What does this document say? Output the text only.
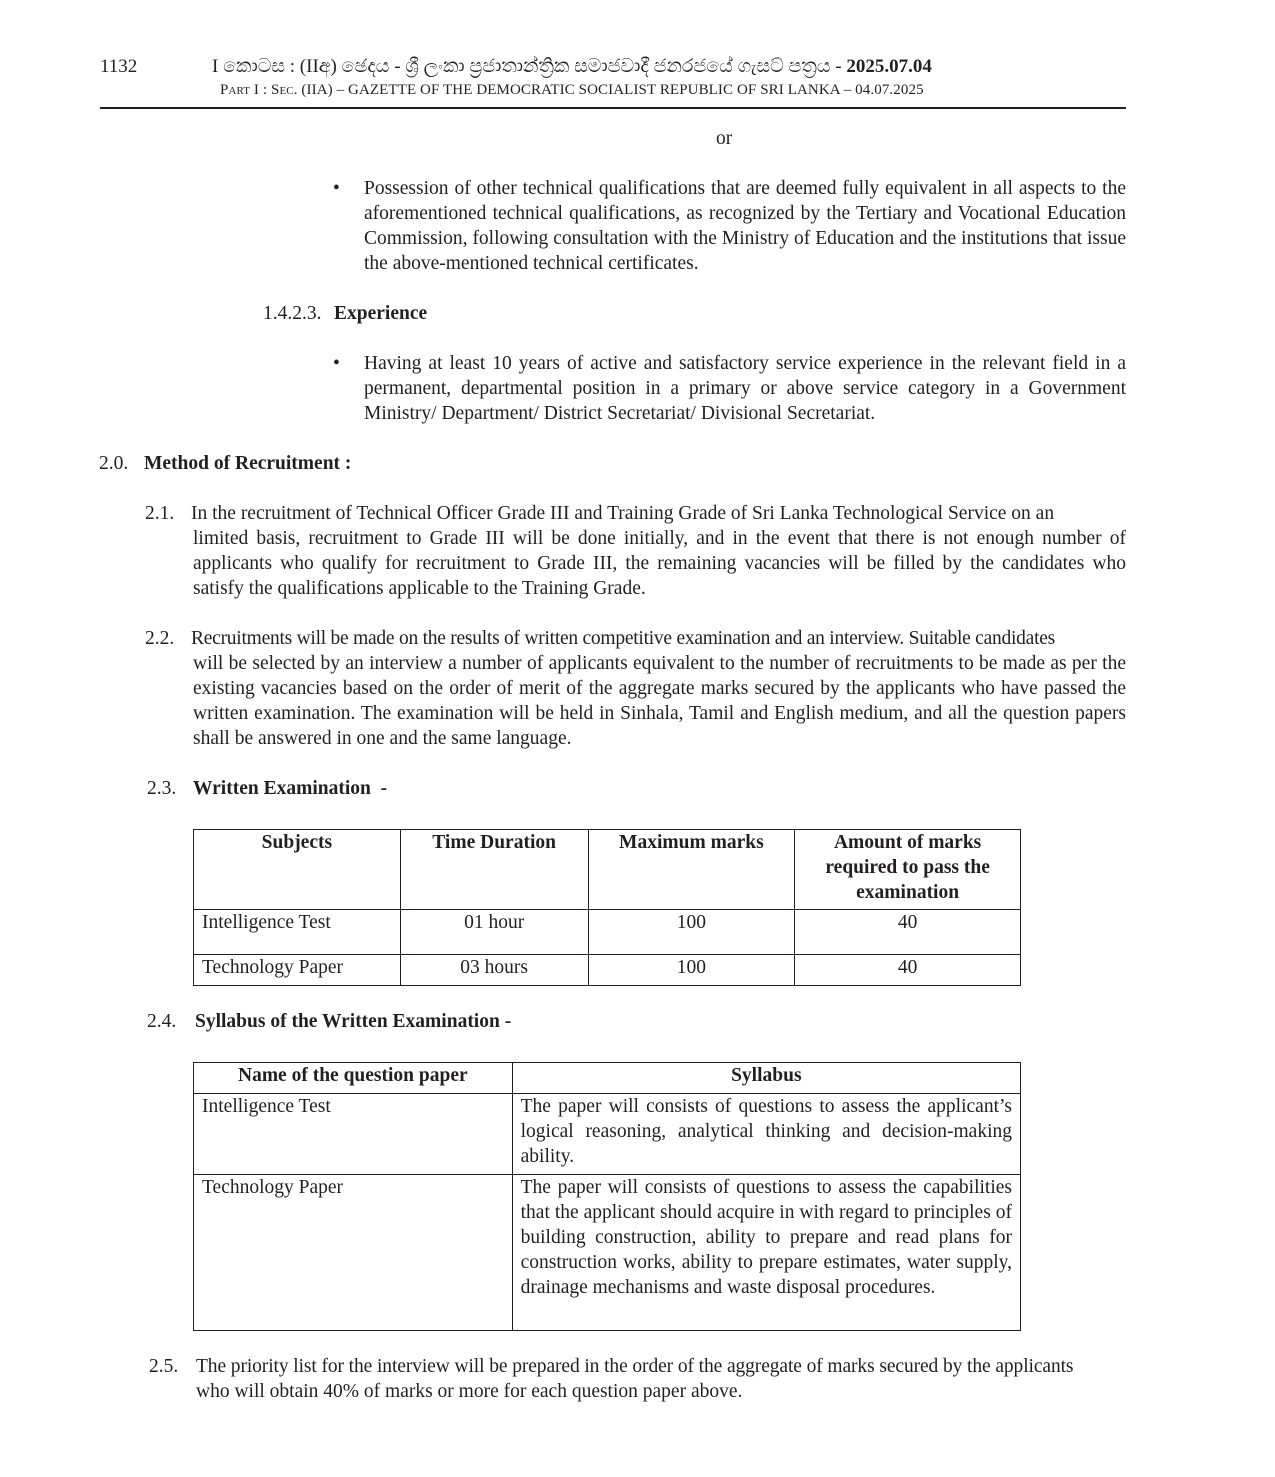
1132	I කොටස : (IIඅ) ඡෙදය - ශ්‍රී ලංකා ප්‍රජාතාන්ත්‍රික සමාජවාදී ජනරජයේ ගැසට් පත්‍රය - 2025.07.04
Part I : Sec. (IIA) – GAZETTE OF THE DEMOCRATIC SOCIALIST REPUBLIC OF SRI LANKA – 04.07.2025
or
• Possession of other technical qualifications that are deemed fully equivalent in all aspects to the aforementioned technical qualifications, as recognized by the Tertiary and Vocational Education Commission, following consultation with the Ministry of Education and the institutions that issue the above-mentioned technical certificates.
1.4.2.3. Experience
• Having at least 10 years of active and satisfactory service experience in the relevant field in a permanent, departmental position in a primary or above service category in a Government Ministry/ Department/ District Secretariat/ Divisional Secretariat.
2.0. Method of Recruitment :
2.1. In the recruitment of Technical Officer Grade III and Training Grade of Sri Lanka Technological Service on an
limited basis, recruitment to Grade III will be done initially, and in the event that there is not enough number of applicants who qualify for recruitment to Grade III, the remaining vacancies will be filled by the candidates who satisfy the qualifications applicable to the Training Grade.
2.2. Recruitments will be made on the results of written competitive examination and an interview. Suitable candidates
will be selected by an interview a number of applicants equivalent to the number of recruitments to be made as per the existing vacancies based on the order of merit of the aggregate marks secured by the applicants who have passed the written examination. The examination will be held in Sinhala, Tamil and English medium, and all the question papers shall be answered in one and the same language.
2.3. Written Examination  -
Subjects	Time Duration	Maximum marks	Amount of marks required to pass the examination
Intelligence Test	01 hour	100	40
Technology Paper	03 hours	100	40
2.4. Syllabus of the Written Examination -
Name of the question paper	Syllabus
Intelligence Test	The paper will consists of questions to assess the applicant’s logical reasoning, analytical thinking and decision-making ability.
Technology Paper	The paper will consists of questions to assess the capabilities that the applicant should acquire in with regard to principles of building construction, ability to prepare and read plans for construction works, ability to prepare estimates, water supply, drainage mechanisms and waste disposal procedures.
2.5. The priority list for the interview will be prepared in the order of the aggregate of marks secured by the applicants
who will obtain 40% of marks or more for each question paper above.
